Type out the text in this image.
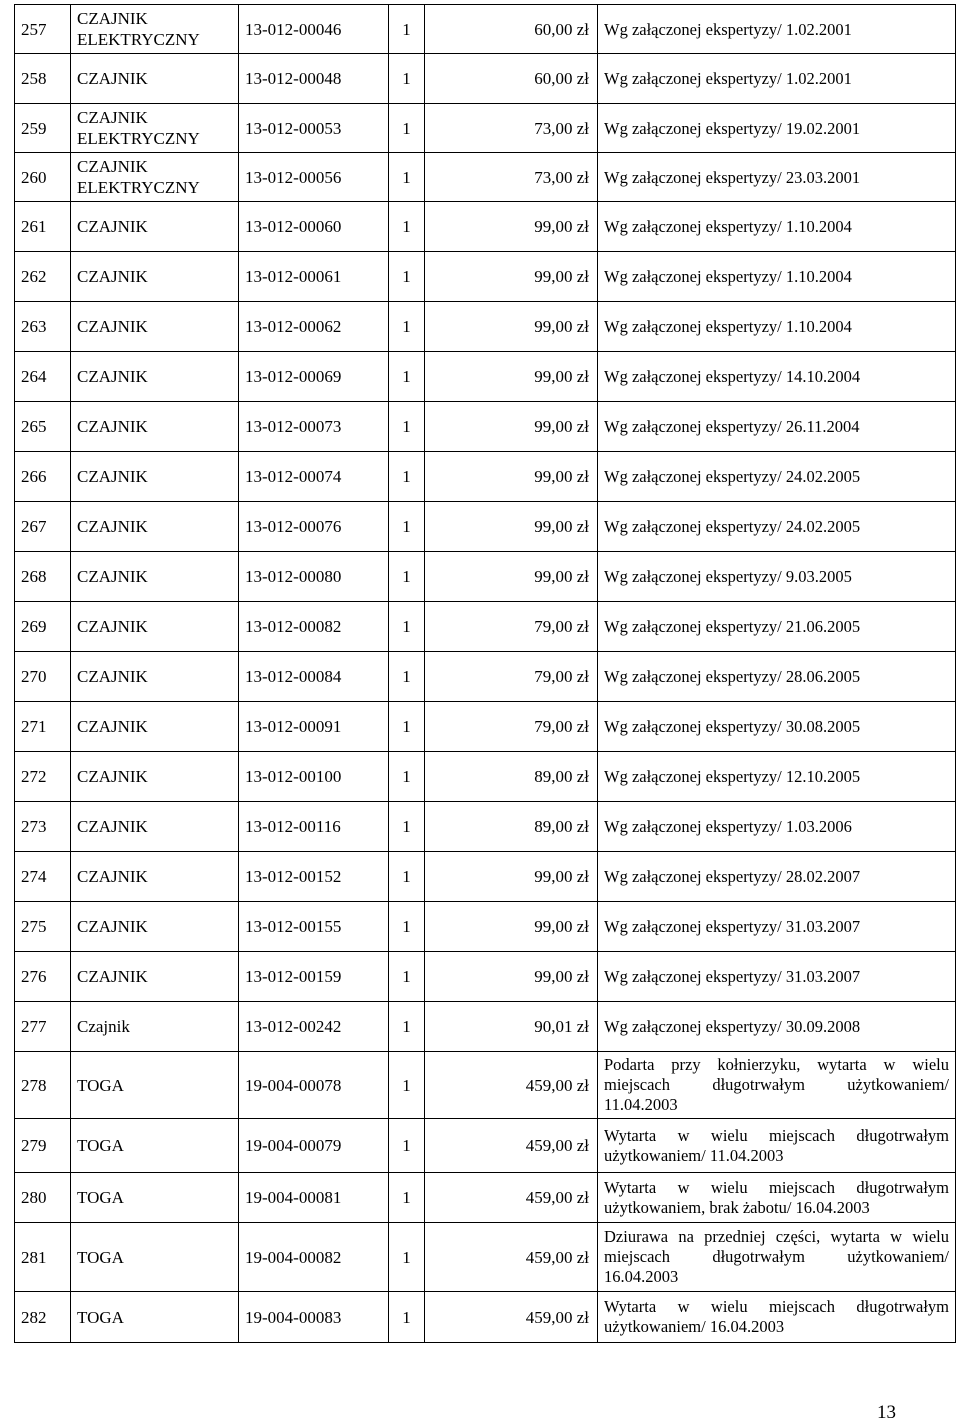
257	CZAJNIK ELEKTRYCZNY	13-012-00046	1	60,00 zł	Wg załączonej ekspertyzy/ 1.02.2001
258	CZAJNIK	13-012-00048	1	60,00 zł	Wg załączonej ekspertyzy/ 1.02.2001
259	CZAJNIK ELEKTRYCZNY	13-012-00053	1	73,00 zł	Wg załączonej ekspertyzy/ 19.02.2001
260	CZAJNIK ELEKTRYCZNY	13-012-00056	1	73,00 zł	Wg załączonej ekspertyzy/ 23.03.2001
261	CZAJNIK	13-012-00060	1	99,00 zł	Wg załączonej ekspertyzy/ 1.10.2004
262	CZAJNIK	13-012-00061	1	99,00 zł	Wg załączonej ekspertyzy/ 1.10.2004
263	CZAJNIK	13-012-00062	1	99,00 zł	Wg załączonej ekspertyzy/ 1.10.2004
264	CZAJNIK	13-012-00069	1	99,00 zł	Wg załączonej ekspertyzy/ 14.10.2004
265	CZAJNIK	13-012-00073	1	99,00 zł	Wg załączonej ekspertyzy/ 26.11.2004
266	CZAJNIK	13-012-00074	1	99,00 zł	Wg załączonej ekspertyzy/ 24.02.2005
267	CZAJNIK	13-012-00076	1	99,00 zł	Wg załączonej ekspertyzy/ 24.02.2005
268	CZAJNIK	13-012-00080	1	99,00 zł	Wg załączonej ekspertyzy/ 9.03.2005
269	CZAJNIK	13-012-00082	1	79,00 zł	Wg załączonej ekspertyzy/ 21.06.2005
270	CZAJNIK	13-012-00084	1	79,00 zł	Wg załączonej ekspertyzy/ 28.06.2005
271	CZAJNIK	13-012-00091	1	79,00 zł	Wg załączonej ekspertyzy/ 30.08.2005
272	CZAJNIK	13-012-00100	1	89,00 zł	Wg załączonej ekspertyzy/ 12.10.2005
273	CZAJNIK	13-012-00116	1	89,00 zł	Wg załączonej ekspertyzy/ 1.03.2006
274	CZAJNIK	13-012-00152	1	99,00 zł	Wg załączonej ekspertyzy/ 28.02.2007
275	CZAJNIK	13-012-00155	1	99,00 zł	Wg załączonej ekspertyzy/ 31.03.2007
276	CZAJNIK	13-012-00159	1	99,00 zł	Wg załączonej ekspertyzy/ 31.03.2007
277	Czajnik	13-012-00242	1	90,01 zł	Wg załączonej ekspertyzy/ 30.09.2008
278	TOGA	19-004-00078	1	459,00 zł	Podarta przy kołnierzyku, wytarta w wielu miejscach długotrwałym użytkowaniem/ 11.04.2003
279	TOGA	19-004-00079	1	459,00 zł	Wytarta w wielu miejscach długotrwałym użytkowaniem/ 11.04.2003
280	TOGA	19-004-00081	1	459,00 zł	Wytarta w wielu miejscach długotrwałym użytkowaniem, brak żabotu/ 16.04.2003
281	TOGA	19-004-00082	1	459,00 zł	Dziurawa na przedniej części, wytarta w wielu miejscach długotrwałym użytkowaniem/ 16.04.2003
282	TOGA	19-004-00083	1	459,00 zł	Wytarta w wielu miejscach długotrwałym użytkowaniem/ 16.04.2003
13
